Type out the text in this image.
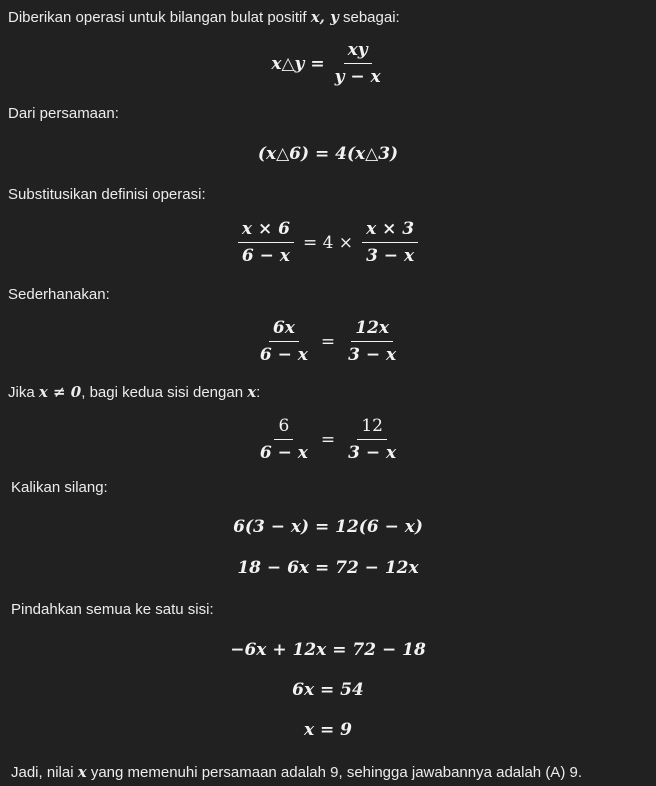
Diberikan operasi untuk bilangan bulat positif x, y sebagai:
x△y = $\frac{xy}{y - x}$
Dari persamaan:
(x△6) = 4(x△3)
Substitusikan definisi operasi:
$\frac{x \times 6}{6 - x} = 4 \times \frac{x \times 3}{3 - x}$
Sederhanakan:
$\frac{6x}{6 - x} = \frac{12x}{3 - x}$
Jika x ≠ 0, bagi kedua sisi dengan x:
$\frac{6}{6 - x} = \frac{12}{3 - x}$
Kalikan silang:
6(3 − x) = 12(6 − x)
18 − 6x = 72 − 12x
Pindahkan semua ke satu sisi:
−6x + 12x = 72 − 18
6x = 54
x = 9
Jadi, nilai x yang memenuhi persamaan adalah 9, sehingga jawabannya adalah (A) 9.
